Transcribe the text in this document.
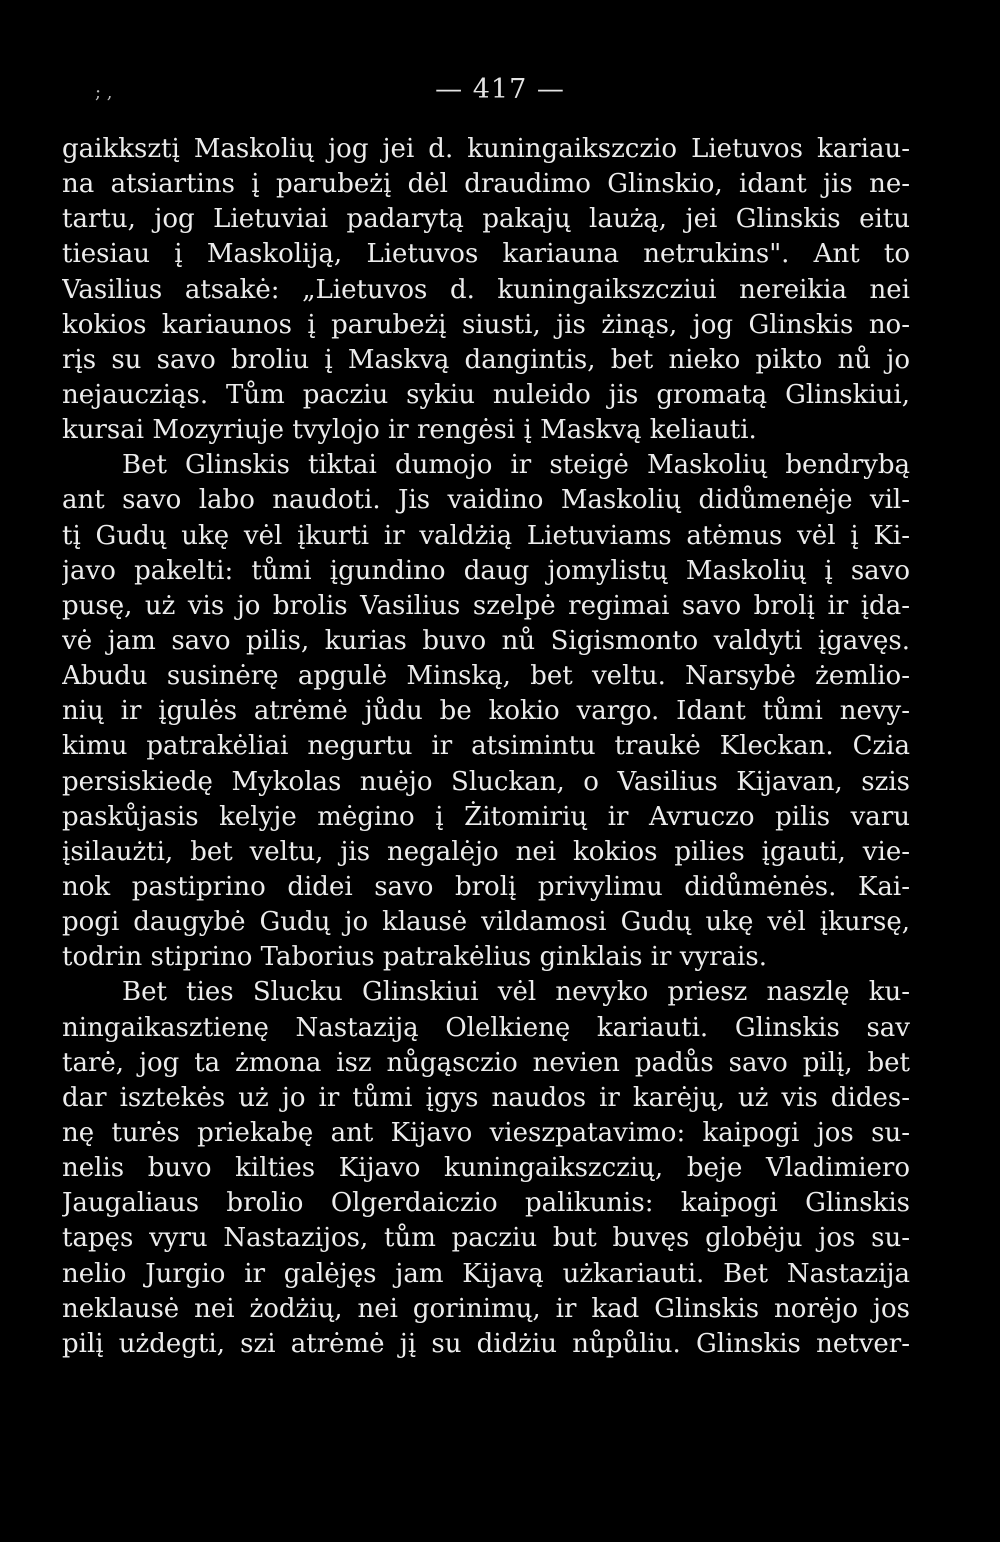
; ,	— 417 —
gaikksztį Maskolių jog jei d. kuningaikszczio Lietuvos kariau-
na atsiartins į parubeżį dėl draudimo Glinskio, idant jis ne-
tartu, jog Lietuviai padarytą pakajų laużą, jei Glinskis eitu
tiesiau į Maskoliją, Lietuvos kariauna netrukins". Ant to
Vasilius atsakė: „Lietuvos d. kuningaikszcziui nereikia nei
kokios kariaunos į parubeżį siusti, jis żinąs, jog Glinskis no-
rįs su savo broliu į Maskvą dangintis, bet nieko pikto nů jo
nejaucziąs. Tům pacziu sykiu nuleido jis gromatą Glinskiui,
kursai Mozyriuje tvylojo ir rengėsi į Maskvą keliauti.
Bet Glinskis tiktai dumojo ir steigė Maskolių bendrybą
ant savo labo naudoti. Jis vaidino Maskolių didůmenėje vil-
tį Gudų ukę vėl įkurti ir valdżią Lietuviams atėmus vėl į Ki-
javo pakelti: tůmi įgundino daug jomylistų Maskolių į savo
pusę, uż vis jo brolis Vasilius szelpė regimai savo brolį ir įda-
vė jam savo pilis, kurias buvo nů Sigismonto valdyti įgavęs.
Abudu susinėrę apgulė Minską, bet veltu. Narsybė żemlio-
nių ir įgulės atrėmė jůdu be kokio vargo. Idant tůmi nevy-
kimu patrakėliai negurtu ir atsimintu traukė Kleckan. Czia
persiskiedę Mykolas nuėjo Sluckan, o Vasilius Kijavan, szis
paskůjasis kelyje mėgino į Żitomirių ir Avruczo pilis varu
įsilaużti, bet veltu, jis negalėjo nei kokios pilies įgauti, vie-
nok pastiprino didei savo brolį privylimu didůmėnės. Kai-
pogi daugybė Gudų jo klausė vildamosi Gudų ukę vėl įkursę,
todrin stiprino Taborius patrakėlius ginklais ir vyrais.
Bet ties Slucku Glinskiui vėl nevyko priesz naszlę ku-
ningaikasztienę Nastaziją Olelkienę kariauti. Glinskis sav
tarė, jog ta żmona isz nůgąsczio nevien padůs savo pilį, bet
dar isztekės uż jo ir tůmi įgys naudos ir karėjų, uż vis dides-
nę turės priekabę ant Kijavo vieszpatavimo: kaipogi jos su-
nelis buvo kilties Kijavo kuningaikszczių, beje Vladimiero
Jaugaliaus brolio Olgerdaiczio palikunis: kaipogi Glinskis
tapęs vyru Nastazijos, tům pacziu but buvęs globėju jos su-
nelio Jurgio ir galėjęs jam Kijavą użkariauti. Bet Nastazija
neklausė nei żodżių, nei gorinimų, ir kad Glinskis norėjo jos
pilį użdegti, szi atrėmė jį su didżiu nůpůliu. Glinskis netver-
